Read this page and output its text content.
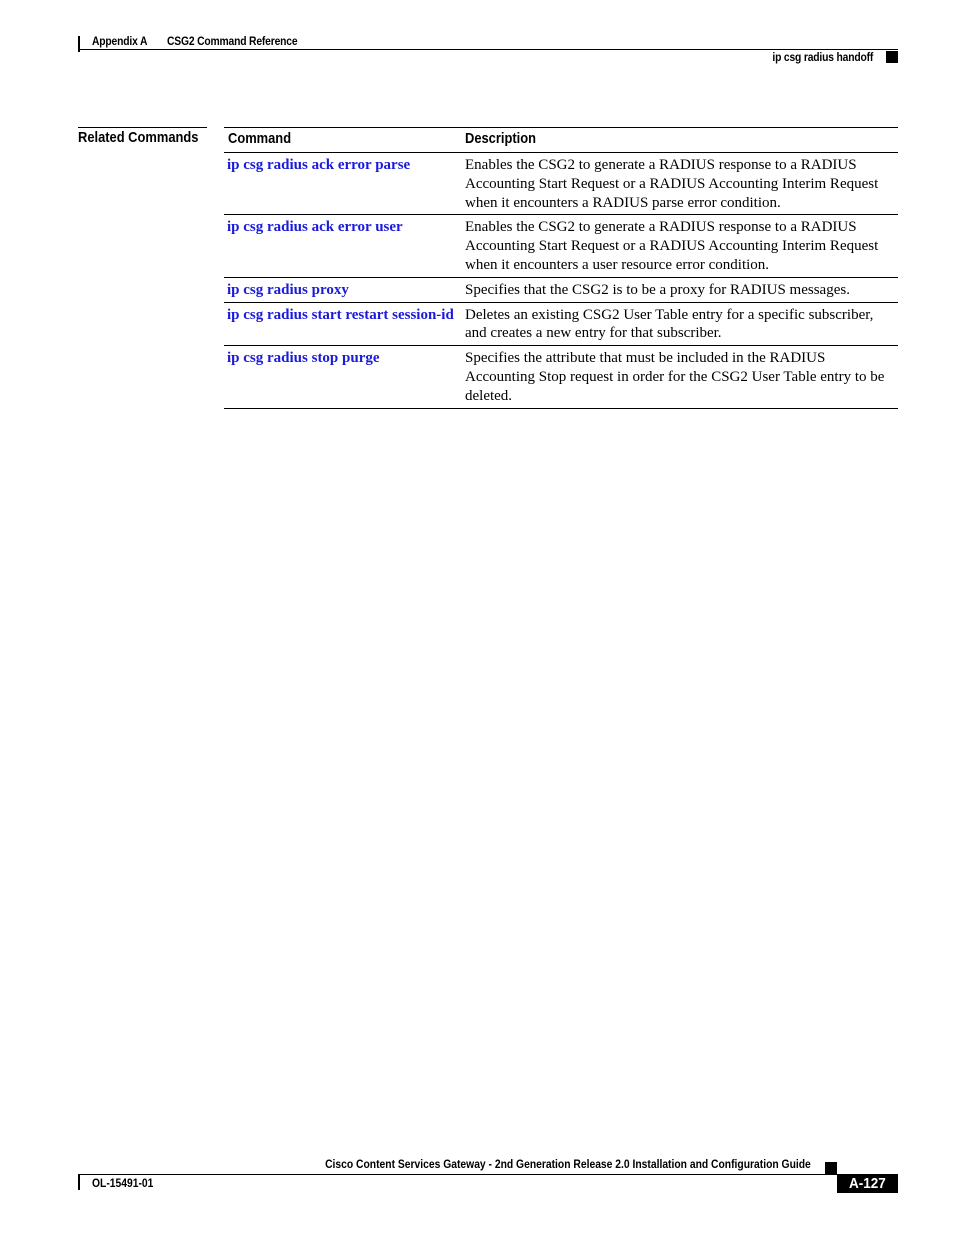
Appendix A CSG2 Command Reference
ip csg radius handoff
Related Commands Command	Description
ip csg radius ack error parse	Enables the CSG2 to generate a RADIUS response to a RADIUS Accounting Start Request or a RADIUS Accounting Interim Request when it encounters a RADIUS parse error condition.
ip csg radius ack error user	Enables the CSG2 to generate a RADIUS response to a RADIUS Accounting Start Request or a RADIUS Accounting Interim Request when it encounters a user resource error condition.
ip csg radius proxy	Specifies that the CSG2 is to be a proxy for RADIUS messages.
ip csg radius start restart session-id	Deletes an existing CSG2 User Table entry for a specific subscriber, and creates a new entry for that subscriber.
ip csg radius stop purge	Specifies the attribute that must be included in the RADIUS Accounting Stop request in order for the CSG2 User Table entry to be deleted.
Cisco Content Services Gateway - 2nd Generation Release 2.0 Installation and Configuration Guide
OL-15491-01	A-127
